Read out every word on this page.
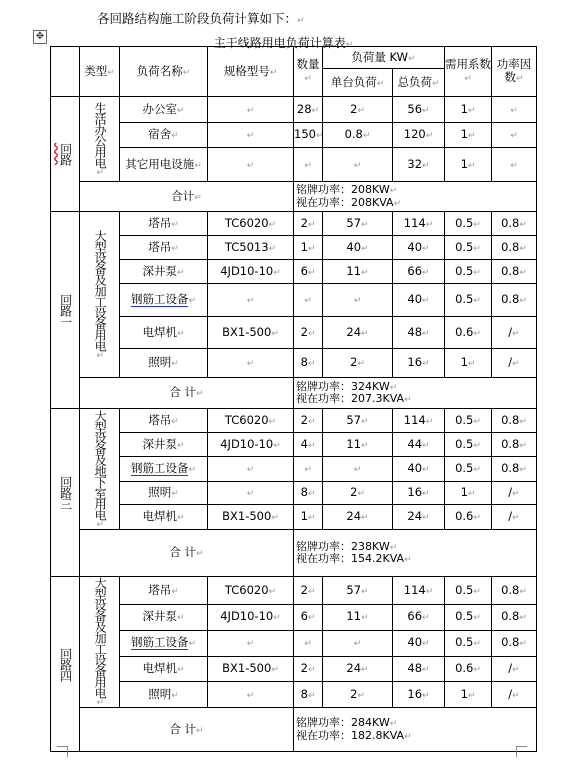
各回路结构施工阶段负荷计算如下：↵
✥	主干线路用电负荷计算表↵
	类型↵	负荷名称↵	规格型号↵	数量↵	负荷量 KW↵		需用系数↵	功率因数↵
					单台负荷↵	总负荷↵		
回路	生活办公用电↵	办公室↵	↵	28↵	2↵	56↵	1↵	↵
		宿舍↵	↵	150↵	0.8↵	120↵	1↵	↵
		其它用电设施↵	↵	↵	↵	32↵	1↵	↵
	合计↵			铭牌功率：208KW↵
视在功率：208KVA↵				

回路一	大型设备及加工设备用电↵	塔吊↵	TC6020↵	2↵	57↵	114↵	0.5↵	0.8↵
		塔吊↵	TC5013↵	1↵	40↵	40↵	0.5↵	0.8↵
		深井泵↵	4JD10-10↵	6↵	11↵	66↵	0.5↵	0.8↵
		钢筋工设备↵	↵	↵	↵	40↵	0.5↵	0.8↵
		电焊机↵	BX1-500↵	2↵	24↵	48↵	0.6↵	/↵
		照明↵	↵	8↵	2↵	16↵	1↵	/↵
	合 计↵			铭牌功率：324KW↵
视在功率：207.3KVA↵				

回路三	大型设备及地下室用电↵	塔吊↵	TC6020↵	2↵	57↵	114↵	0.5↵	0.8↵
		深井泵↵	4JD10-10↵	4↵	11↵	44↵	0.5↵	0.8↵
		钢筋工设备↵	↵	↵	↵	40↵	0.5↵	0.8↵
		照明↵	↵	8↵	2↵	16↵	1↵	/↵
		电焊机↵	BX1-500↵	1↵	24↵	24↵	0.6↵	/↵
	合 计↵			铭牌功率：238KW↵
视在功率：154.2KVA↵				

回路四	大型设备及加工设备用电↵	塔吊↵	TC6020↵	2↵	57↵	114↵	0.5↵	0.8↵
		深井泵↵	4JD10-10↵	6↵	11↵	66↵	0.5↵	0.8↵
		钢筋工设备↵	↵	↵	↵	40↵	0.5↵	0.8↵
		电焊机↵	BX1-500↵	2↵	24↵	48↵	0.6↵	/↵
		照明↵	↵	8↵	2↵	16↵	1↵	/↵
	合 计↵			铭牌功率：284KW↵
视在功率：182.8KVA↵				
